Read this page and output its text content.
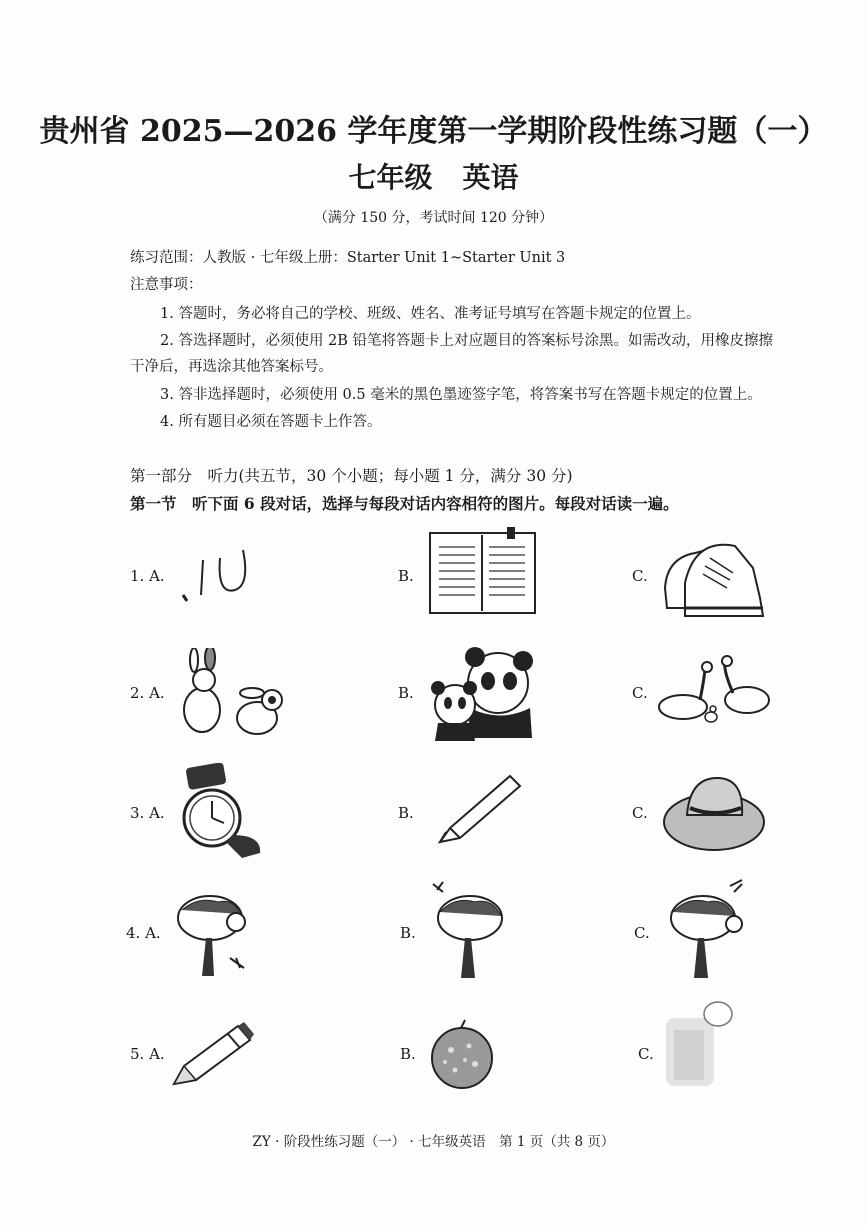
贵州省 2025—2026 学年度第一学期阶段性练习题（一）
七年级 英语
（满分 150 分，考试时间 120 分钟）
练习范围：人教版 · 七年级上册：Starter Unit 1~Starter Unit 3
注意事项：
1. 答题时，务必将自己的学校、班级、姓名、准考证号填写在答题卡规定的位置上。
2. 答选择题时，必须使用 2B 铅笔将答题卡上对应题目的答案标号涂黑。如需改动，用橡皮擦擦
干净后，再选涂其他答案标号。
3. 答非选择题时，必须使用 0.5 毫米的黑色墨迹签字笔，将答案书写在答题卡规定的位置上。
4. 所有题目必须在答题卡上作答。
第一部分　听力(共五节，30 个小题；每小题 1 分，满分 30 分)
第一节　听下面 6 段对话，选择与每段对话内容相符的图片。每段对话读一遍。
1. A.	B.	C.
2. A.	B.	C.
3. A.	B.	C.
4. A.	B.	C.
5. A.	B.	C.
ZY · 阶段性练习题（一） · 七年级英语　第 1 页（共 8 页）
